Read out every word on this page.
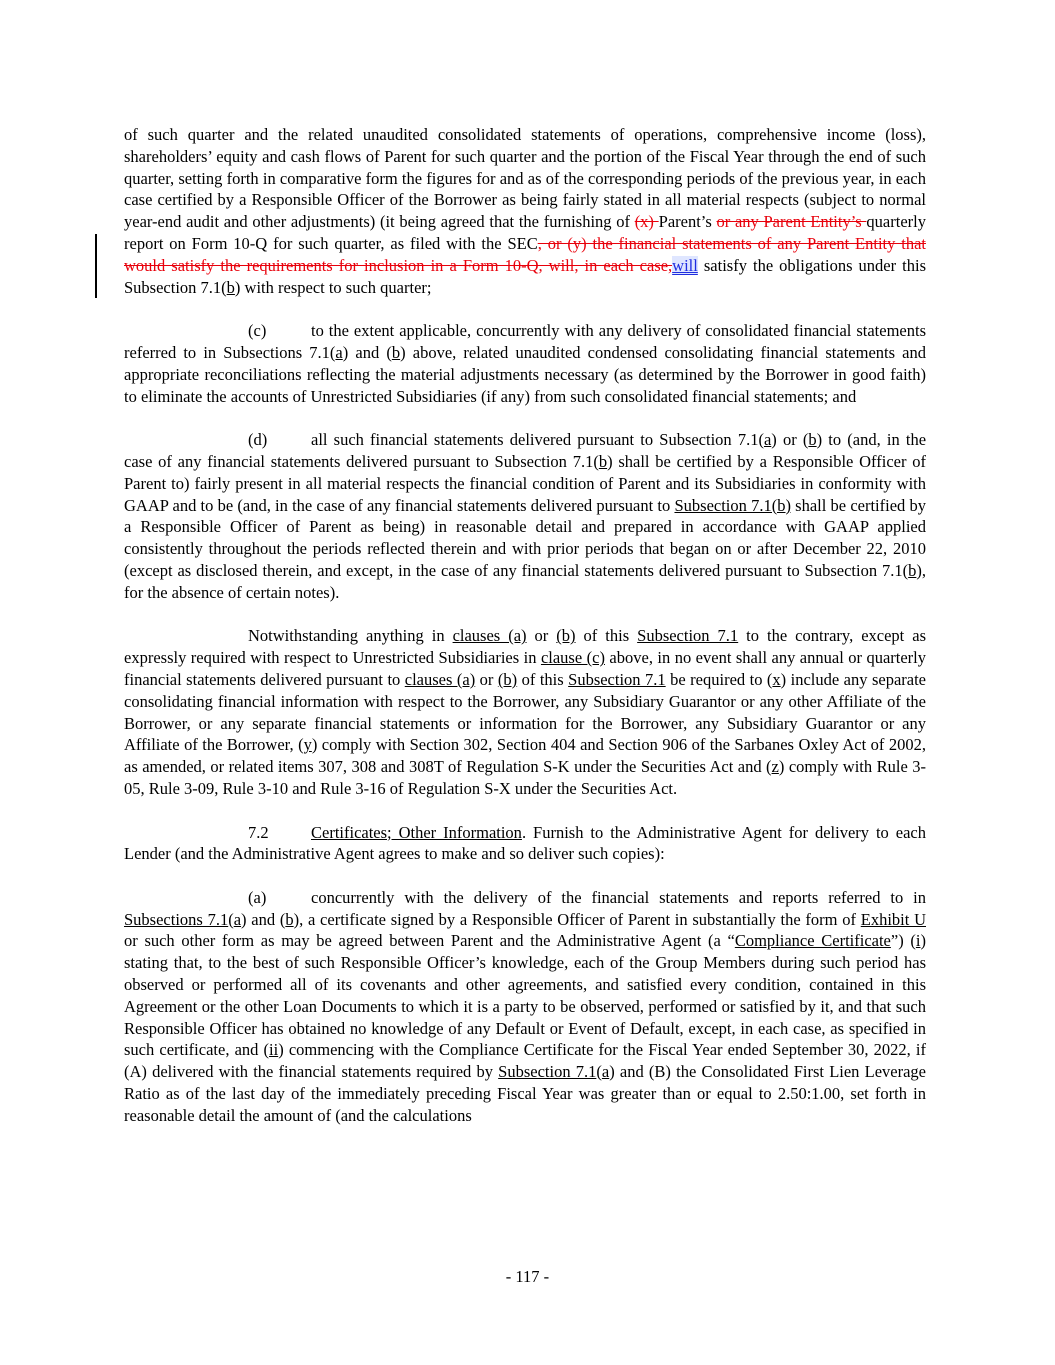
of such quarter and the related unaudited consolidated statements of operations, comprehensive income (loss), shareholders’ equity and cash flows of Parent for such quarter and the portion of the Fiscal Year through the end of such quarter, setting forth in comparative form the figures for and as of the corresponding periods of the previous year, in each case certified by a Responsible Officer of the Borrower as being fairly stated in all material respects (subject to normal year-end audit and other adjustments) (it being agreed that the furnishing of (x) Parent’s or any Parent Entity’s quarterly report on Form 10-Q for such quarter, as filed with the SEC, or (y) the financial statements of any Parent Entity that would satisfy the requirements for inclusion in a Form 10-Q, will, in each case,will satisfy the obligations under this Subsection 7.1(b) with respect to such quarter;

(c)	to the extent applicable, concurrently with any delivery of consolidated financial statements referred to in Subsections 7.1(a) and (b) above, related unaudited condensed consolidating financial statements and appropriate reconciliations reflecting the material adjustments necessary (as determined by the Borrower in good faith) to eliminate the accounts of Unrestricted Subsidiaries (if any) from such consolidated financial statements; and

(d)	all such financial statements delivered pursuant to Subsection 7.1(a) or (b) to (and, in the case of any financial statements delivered pursuant to Subsection 7.1(b) shall be certified by a Responsible Officer of Parent to) fairly present in all material respects the financial condition of Parent and its Subsidiaries in conformity with GAAP and to be (and, in the case of any financial statements delivered pursuant to Subsection 7.1(b) shall be certified by a Responsible Officer of Parent as being) in reasonable detail and prepared in accordance with GAAP applied consistently throughout the periods reflected therein and with prior periods that began on or after December 22, 2010 (except as disclosed therein, and except, in the case of any financial statements delivered pursuant to Subsection 7.1(b), for the absence of certain notes).

Notwithstanding anything in clauses (a) or (b) of this Subsection 7.1 to the contrary, except as expressly required with respect to Unrestricted Subsidiaries in clause (c) above, in no event shall any annual or quarterly financial statements delivered pursuant to clauses (a) or (b) of this Subsection 7.1 be required to (x) include any separate consolidating financial information with respect to the Borrower, any Subsidiary Guarantor or any other Affiliate of the Borrower, or any separate financial statements or information for the Borrower, any Subsidiary Guarantor or any Affiliate of the Borrower, (y) comply with Section 302, Section 404 and Section 906 of the Sarbanes Oxley Act of 2002, as amended, or related items 307, 308 and 308T of Regulation S-K under the Securities Act and (z) comply with Rule 3-05, Rule 3-09, Rule 3-10 and Rule 3-16 of Regulation S-X under the Securities Act.

7.2	Certificates; Other Information. Furnish to the Administrative Agent for delivery to each Lender (and the Administrative Agent agrees to make and so deliver such copies):

(a)	concurrently with the delivery of the financial statements and reports referred to in Subsections 7.1(a) and (b), a certificate signed by a Responsible Officer of Parent in substantially the form of Exhibit U or such other form as may be agreed between Parent and the Administrative Agent (a “Compliance Certificate”) (i) stating that, to the best of such Responsible Officer’s knowledge, each of the Group Members during such period has observed or performed all of its covenants and other agreements, and satisfied every condition, contained in this Agreement or the other Loan Documents to which it is a party to be observed, performed or satisfied by it, and that such Responsible Officer has obtained no knowledge of any Default or Event of Default, except, in each case, as specified in such certificate, and (ii) commencing with the Compliance Certificate for the Fiscal Year ended September 30, 2022, if (A) delivered with the financial statements required by Subsection 7.1(a) and (B) the Consolidated First Lien Leverage Ratio as of the last day of the immediately preceding Fiscal Year was greater than or equal to 2.50:1.00, set forth in reasonable detail the amount of (and the calculations

- 117 -
